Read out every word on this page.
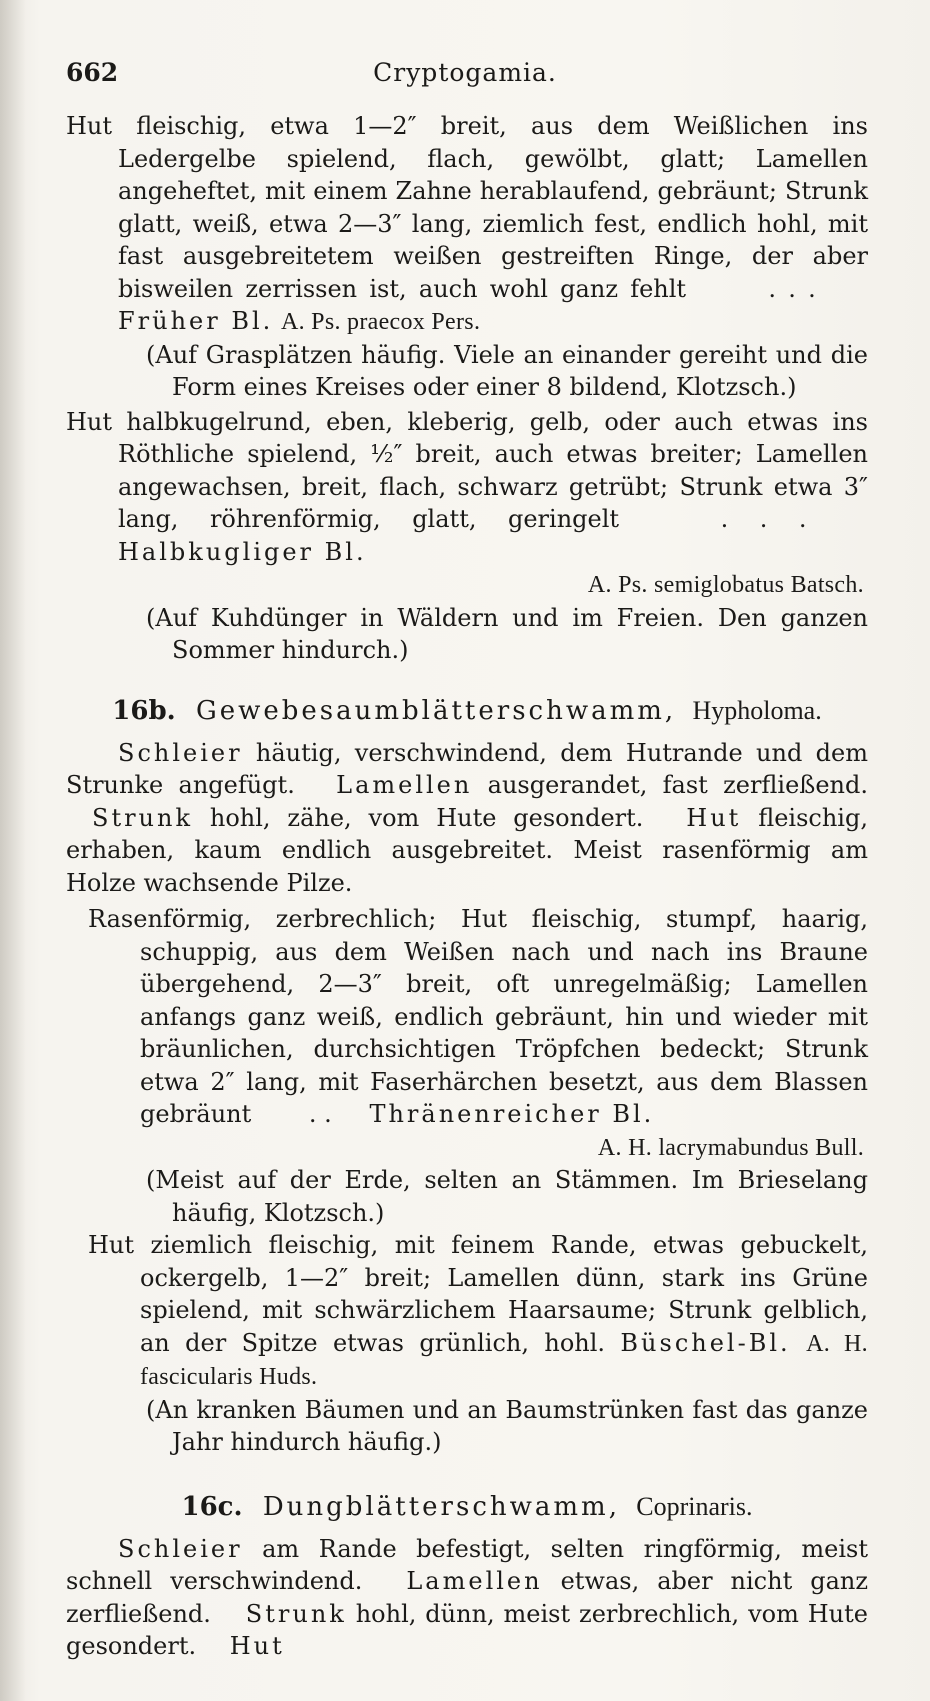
662	Cryptogamia.

Hut fleischig, etwa 1—2″ breit, aus dem Weißlichen ins Ledergelbe spielend, flach, gewölbt, glatt; Lamellen angeheftet, mit einem Zahne herablaufend, gebräunt; Strunk glatt, weiß, etwa 2—3″ lang, ziemlich fest, endlich hohl, mit fast ausgebreitetem weißen gestreiften Ringe, der aber bisweilen zerrissen ist, auch wohl ganz fehlt	. . . Früher Bl. A. Ps. praecox Pers.

(Auf Grasplätzen häufig. Viele an einander gereiht und die Form eines Kreises oder einer 8 bildend, Klotzsch.)

Hut halbkugelrund, eben, kleberig, gelb, oder auch etwas ins Röthliche spielend, ½″ breit, auch etwas breiter; Lamellen angewachsen, breit, flach, schwarz getrübt; Strunk etwa 3″ lang, röhrenförmig, glatt, geringelt	. . . Halbkugliger Bl.

A. Ps. semiglobatus Batsch.

(Auf Kuhdünger in Wäldern und im Freien. Den ganzen Sommer hindurch.)

16b. Gewebesaumblätterschwamm, Hypholoma.

Schleier häutig, verschwindend, dem Hutrande und dem Strunke angefügt. Lamellen ausgerandet, fast zerfließend. Strunk hohl, zähe, vom Hute gesondert. Hut fleischig, erhaben, kaum endlich ausgebreitet. Meist rasenförmig am Holze wachsende Pilze.

Rasenförmig, zerbrechlich; Hut fleischig, stumpf, haarig, schuppig, aus dem Weißen nach und nach ins Braune übergehend, 2—3″ breit, oft unregelmäßig; Lamellen anfangs ganz weiß, endlich gebräunt, hin und wieder mit bräunlichen, durchsichtigen Tröpfchen bedeckt; Strunk etwa 2″ lang, mit Faserhärchen besetzt, aus dem Blassen gebräunt . . Thränenreicher Bl.

A. H. lacrymabundus Bull.

(Meist auf der Erde, selten an Stämmen. Im Brieselang häufig, Klotzsch.)

Hut ziemlich fleischig, mit feinem Rande, etwas gebuckelt, ockergelb, 1—2″ breit; Lamellen dünn, stark ins Grüne spielend, mit schwärzlichem Haarsaume; Strunk gelblich, an der Spitze etwas grünlich, hohl. Büschel-Bl. A. H. fascicularis Huds.

(An kranken Bäumen und an Baumstrünken fast das ganze Jahr hindurch häufig.)

16c. Dungblätterschwamm, Coprinaris.

Schleier am Rande befestigt, selten ringförmig, meist schnell verschwindend. Lamellen etwas, aber nicht ganz zerfließend. Strunk hohl, dünn, meist zerbrechlich, vom Hute gesondert. Hut
